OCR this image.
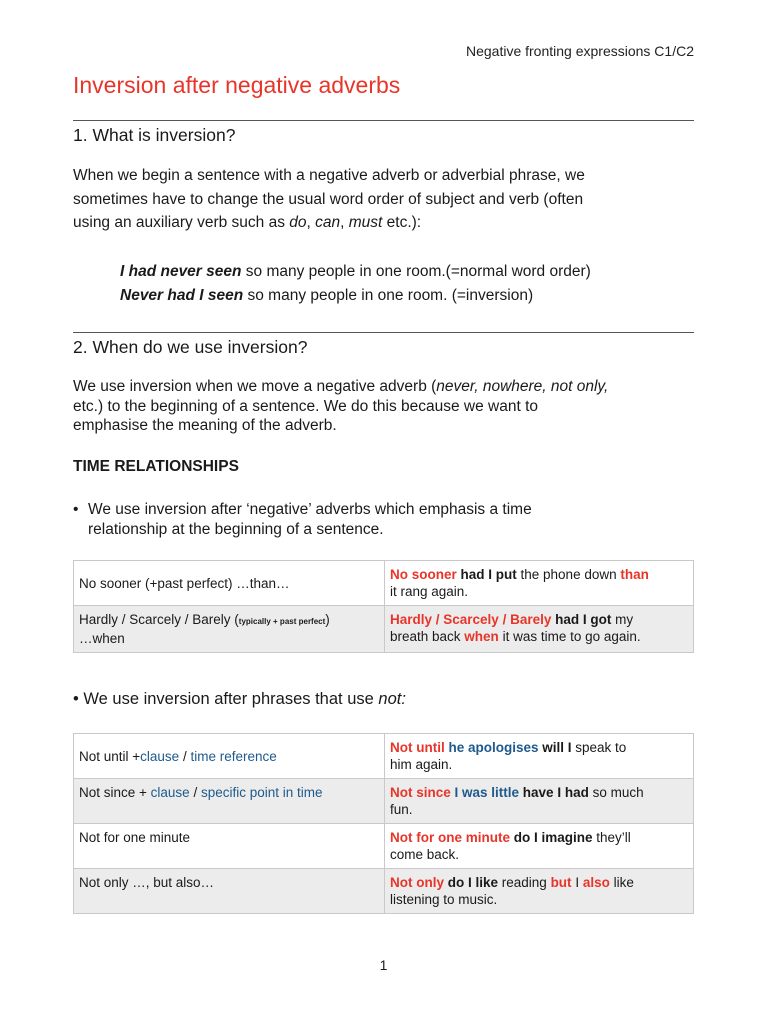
Negative fronting expressions C1/C2
Inversion after negative adverbs
1. What is inversion?
When we begin a sentence with a negative adverb or adverbial phrase, we
sometimes have to change the usual word order of subject and verb (often
using an auxiliary verb such as do, can, must etc.):
I had never seen so many people in one room.(=normal word order)
Never had I seen so many people in one room. (=inversion)
2. When do we use inversion?
We use inversion when we move a negative adverb (never, nowhere, not only,
etc.) to the beginning of a sentence. We do this because we want to
emphasise the meaning of the adverb.
TIME RELATIONSHIPS
• We use inversion after ‘negative’ adverbs which emphasis a time
relationship at the beginning of a sentence.
No sooner (+past perfect) …than…	No sooner had I put the phone down than
it rang again.
Hardly / Scarcely / Barely (typically + past perfect)
…when	Hardly / Scarcely / Barely had I got my
breath back when it was time to go again.
• We use inversion after phrases that use not:
Not until +clause / time reference	Not until he apologises will I speak to
him again.
Not since + clause / specific point in time	Not since I was little have I had so much
fun.
Not for one minute	Not for one minute do I imagine they’ll
come back.
Not only …, but also…	Not only do I like reading but I also like
listening to music.
1
